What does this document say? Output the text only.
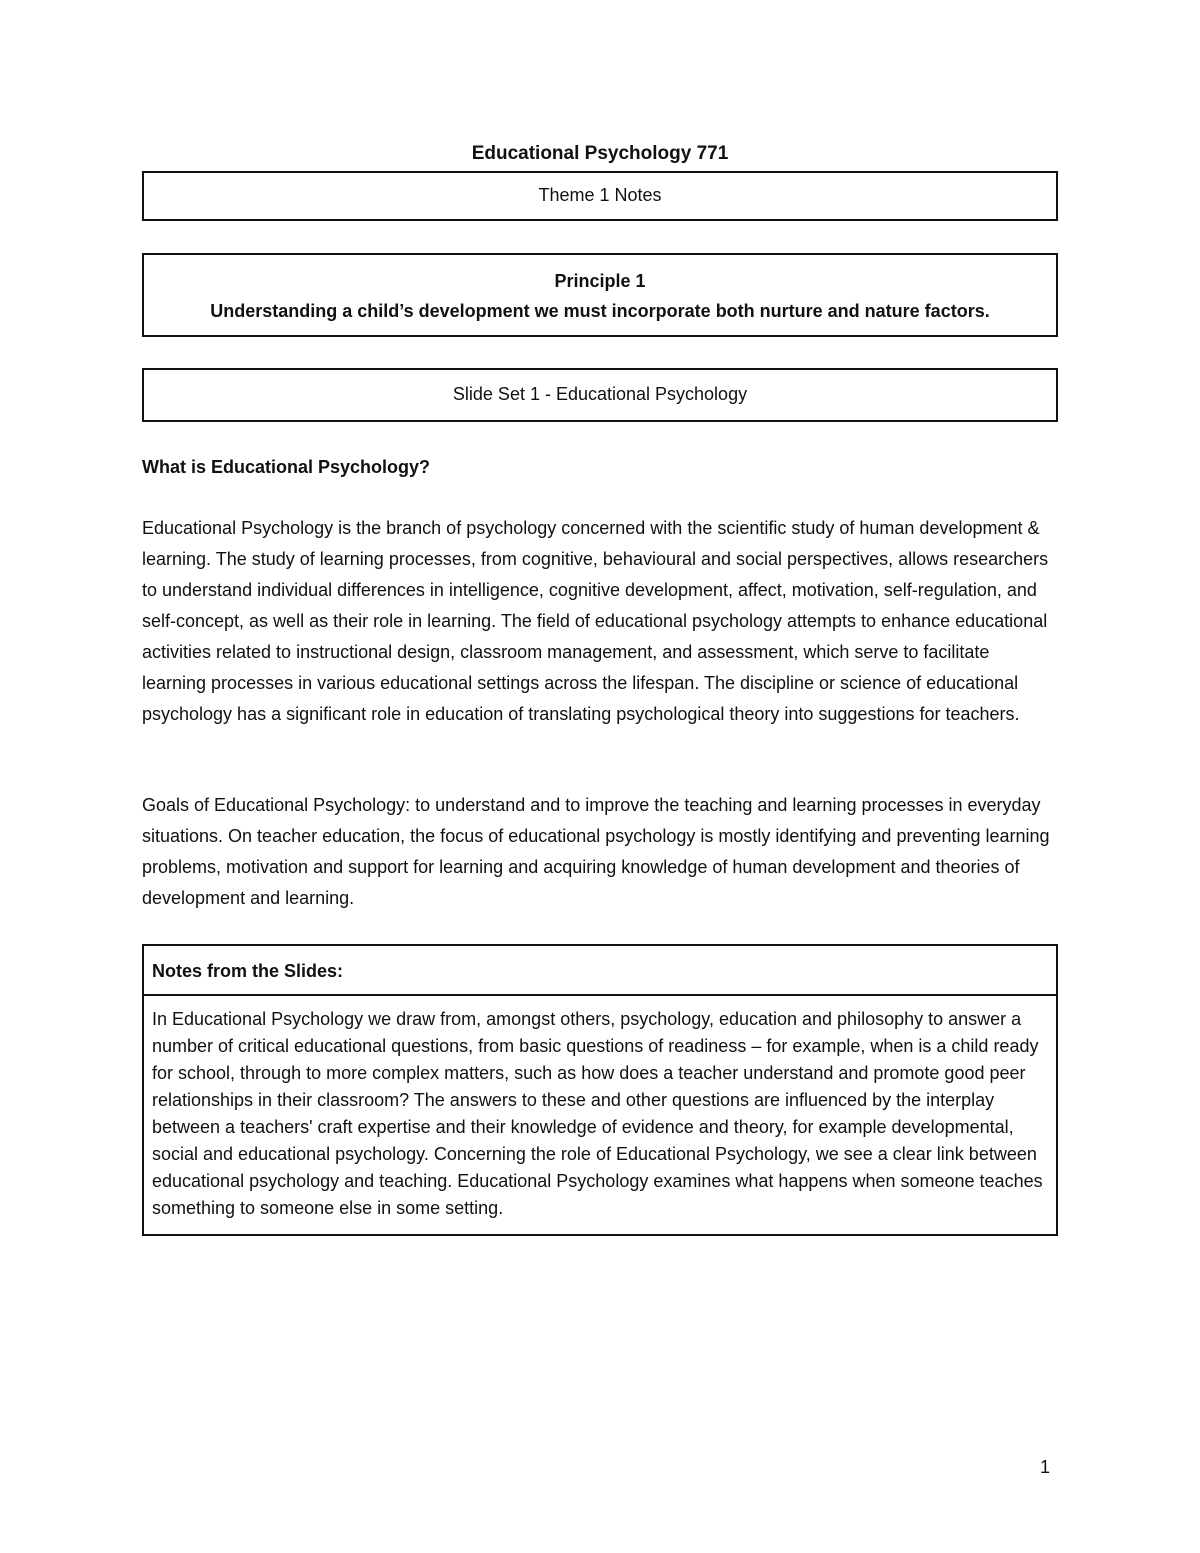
Educational Psychology 771
Theme 1 Notes
Principle 1
Understanding a child’s development we must incorporate both nurture and nature factors.
Slide Set 1 - Educational Psychology
What is Educational Psychology?

Educational Psychology is the branch of psychology concerned with the scientific study of human development & learning. The study of learning processes, from cognitive, behavioural and social perspectives, allows researchers to understand individual differences in intelligence, cognitive development, affect, motivation, self-regulation, and self-concept, as well as their role in learning. The field of educational psychology attempts to enhance educational activities related to instructional design, classroom management, and assessment, which serve to facilitate learning processes in various educational settings across the lifespan. The discipline or science of educational psychology has a significant role in education of translating psychological theory into suggestions for teachers.

Goals of Educational Psychology: to understand and to improve the teaching and learning processes in everyday situations. On teacher education, the focus of educational psychology is mostly identifying and preventing learning problems, motivation and support for learning and acquiring knowledge of human development and theories of development and learning.

Notes from the Slides:
In Educational Psychology we draw from, amongst others, psychology, education and philosophy to answer a number of critical educational questions, from basic questions of readiness – for example, when is a child ready for school, through to more complex matters, such as how does a teacher understand and promote good peer relationships in their classroom? The answers to these and other questions are influenced by the interplay between a teachers' craft expertise and their knowledge of evidence and theory, for example developmental, social and educational psychology. Concerning the role of Educational Psychology, we see a clear link between educational psychology and teaching. Educational Psychology examines what happens when someone teaches something to someone else in some setting.
1
